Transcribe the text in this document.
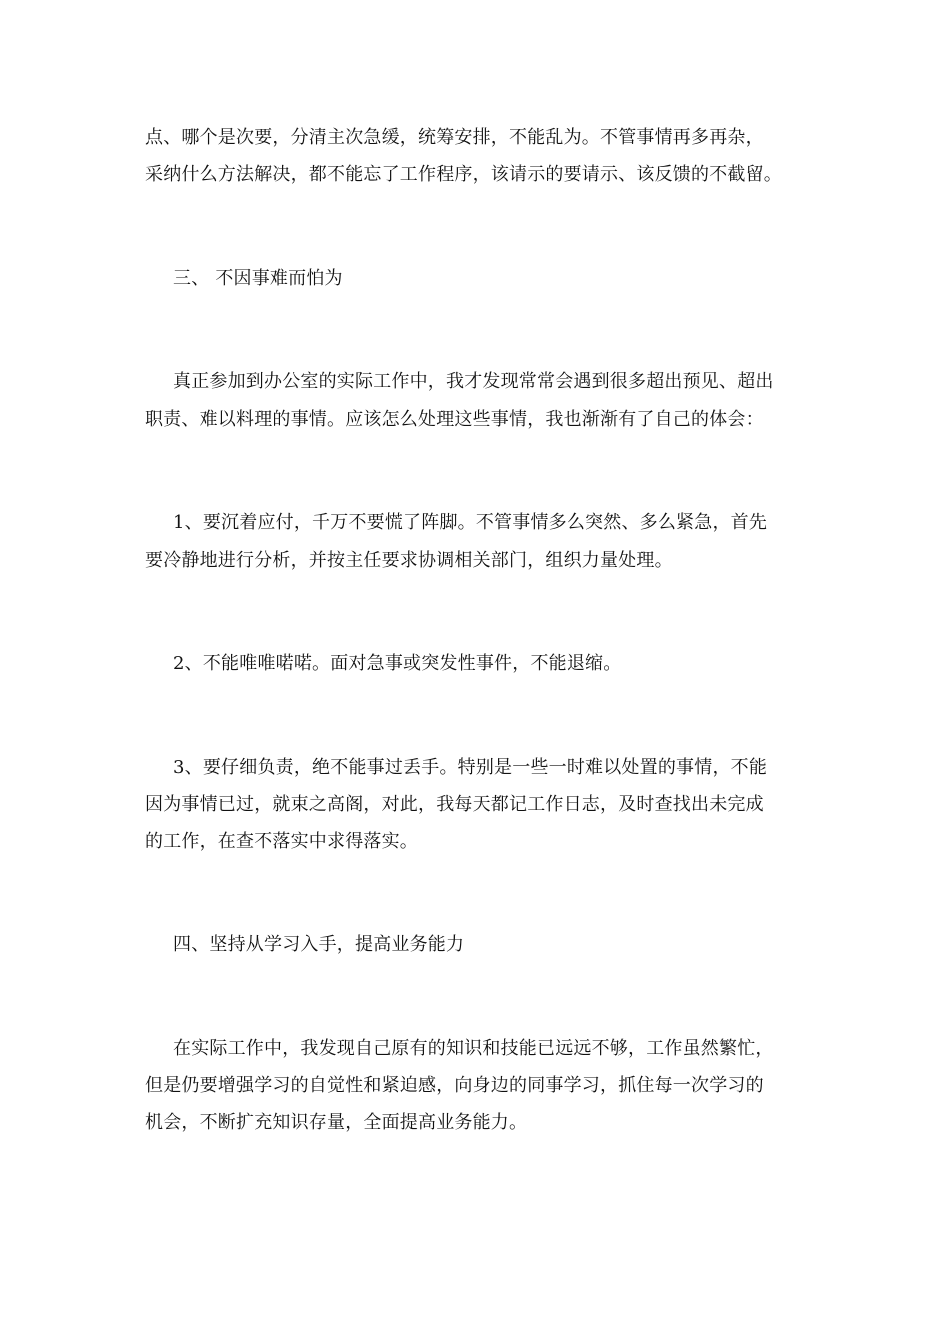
点、哪个是次要，分清主次急缓，统筹安排，不能乱为。不管事情再多再杂，
采纳什么方法解决，都不能忘了工作程序，该请示的要请示、该反馈的不截留。
三、 不因事难而怕为
真正参加到办公室的实际工作中，我才发现常常会遇到很多超出预见、超出
职责、难以料理的事情。应该怎么处理这些事情，我也渐渐有了自己的体会：
1、要沉着应付，千万不要慌了阵脚。不管事情多么突然、多么紧急，首先
要冷静地进行分析，并按主任要求协调相关部门，组织力量处理。
2、不能唯唯喏喏。面对急事或突发性事件，不能退缩。
3、要仔细负责，绝不能事过丢手。特别是一些一时难以处置的事情，不能
因为事情已过，就束之高阁，对此，我每天都记工作日志，及时查找出未完成
的工作，在查不落实中求得落实。
四、坚持从学习入手，提高业务能力
在实际工作中，我发现自己原有的知识和技能已远远不够，工作虽然繁忙，
但是仍要增强学习的自觉性和紧迫感，向身边的同事学习，抓住每一次学习的
机会，不断扩充知识存量，全面提高业务能力。
